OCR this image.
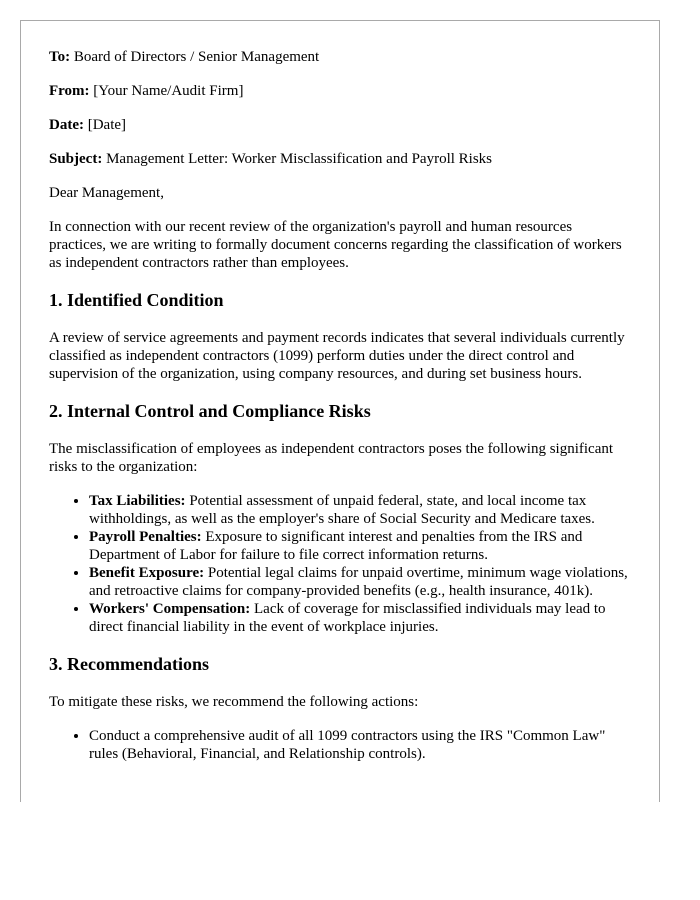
To: Board of Directors / Senior Management
From: [Your Name/Audit Firm]
Date: [Date]
Subject: Management Letter: Worker Misclassification and Payroll Risks

Dear Management,

In connection with our recent review of the organization's payroll and human resources practices, we are writing to formally document concerns regarding the classification of workers as independent contractors rather than employees.

1. Identified Condition

A review of service agreements and payment records indicates that several individuals currently classified as independent contractors (1099) perform duties under the direct control and supervision of the organization, using company resources, and during set business hours.

2. Internal Control and Compliance Risks

The misclassification of employees as independent contractors poses the following significant risks to the organization:

• Tax Liabilities: Potential assessment of unpaid federal, state, and local income tax withholdings, as well as the employer's share of Social Security and Medicare taxes.
• Payroll Penalties: Exposure to significant interest and penalties from the IRS and Department of Labor for failure to file correct information returns.
• Benefit Exposure: Potential legal claims for unpaid overtime, minimum wage violations, and retroactive claims for company-provided benefits (e.g., health insurance, 401k).
• Workers' Compensation: Lack of coverage for misclassified individuals may lead to direct financial liability in the event of workplace injuries.
3. Recommendations

To mitigate these risks, we recommend the following actions:

• Conduct a comprehensive audit of all 1099 contractors using the IRS "Common Law" rules (Behavioral, Financial, and Relationship controls).
